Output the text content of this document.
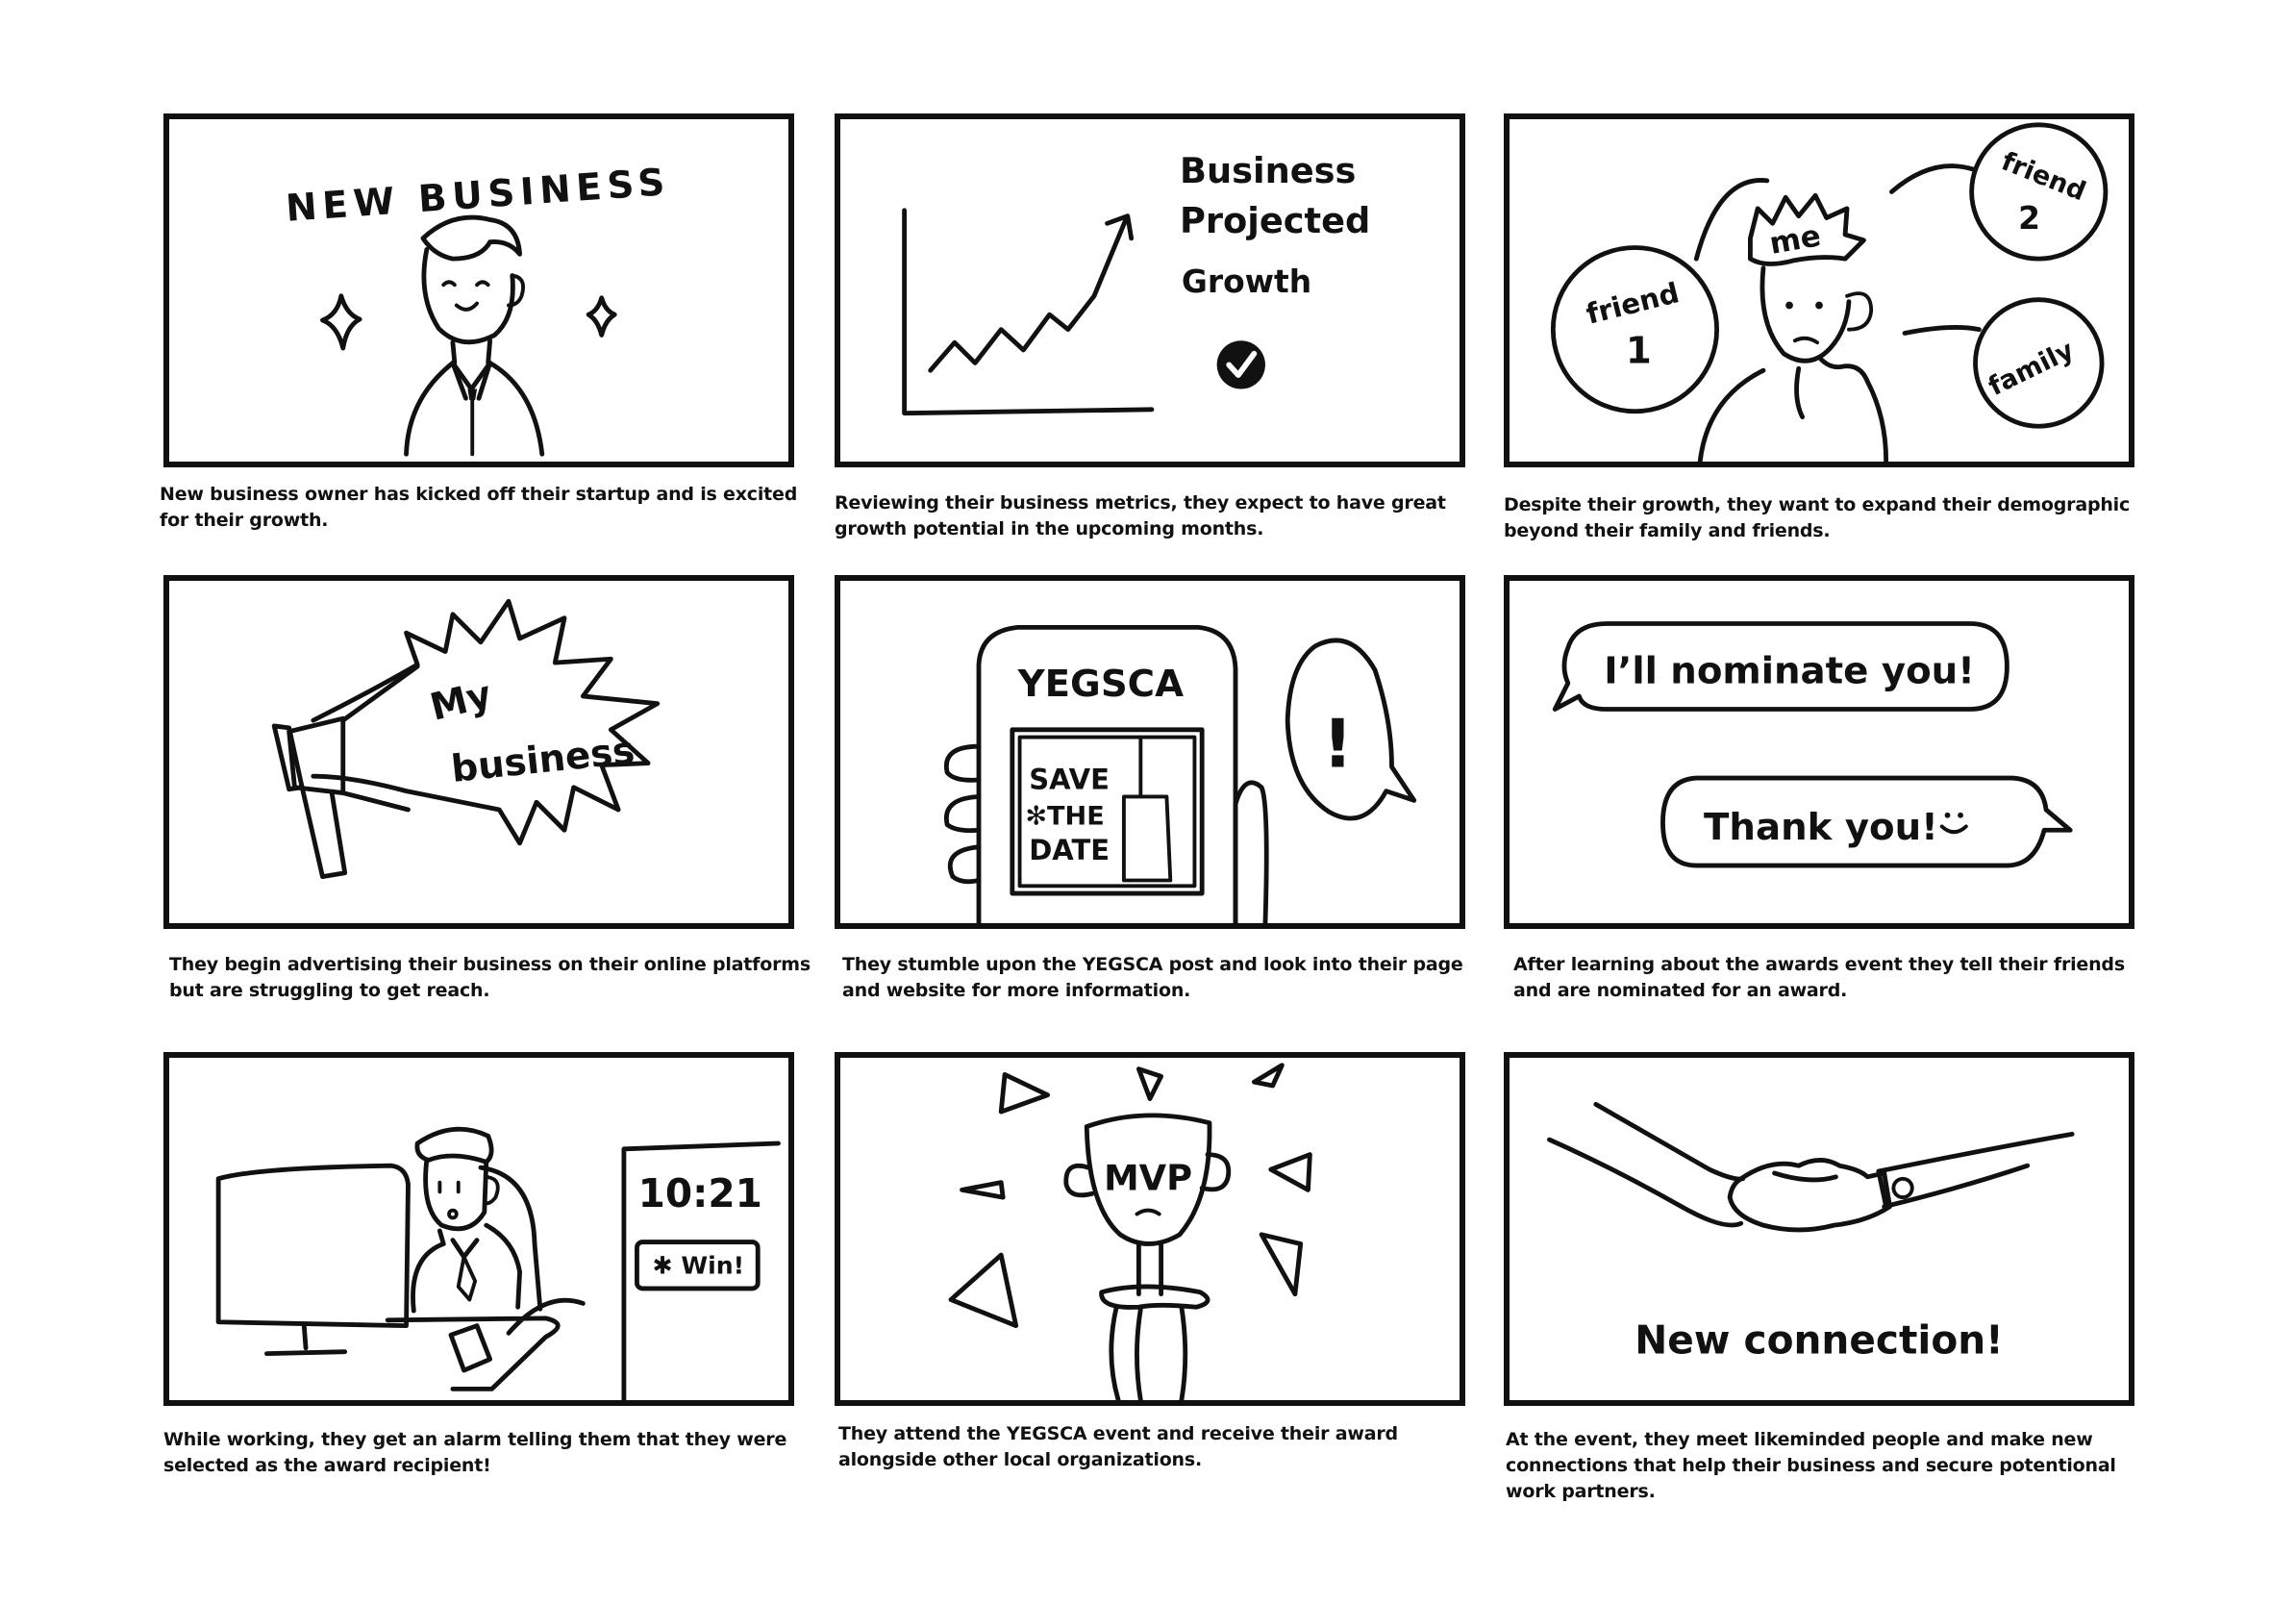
NEW BUSINESS
New business owner has kicked off their startup and is excited for their growth.
Business
Projected
Growth
Reviewing their business metrics, they expect to have great growth potential in the upcoming months.
friend
1
friend
2
family
me
Despite their growth, they want to expand their demographic beyond their family and friends.
My
business
They begin advertising their business on their online platforms but are struggling to get reach.
YEGSCA
SAVE
✻THE
DATE
!
They stumble upon the YEGSCA post and look into their page and website for more information.
I’ll nominate you!
Thank you!
After learning about the awards event they tell their friends and are nominated for an award.
10:21
✱ Win!
While working, they get an alarm telling them that they were selected as the award recipient!
MVP
They attend the YEGSCA event and receive their award alongside other local organizations.
New connection!
At the event, they meet likeminded people and make new connections that help their business and secure potentional work partners.
